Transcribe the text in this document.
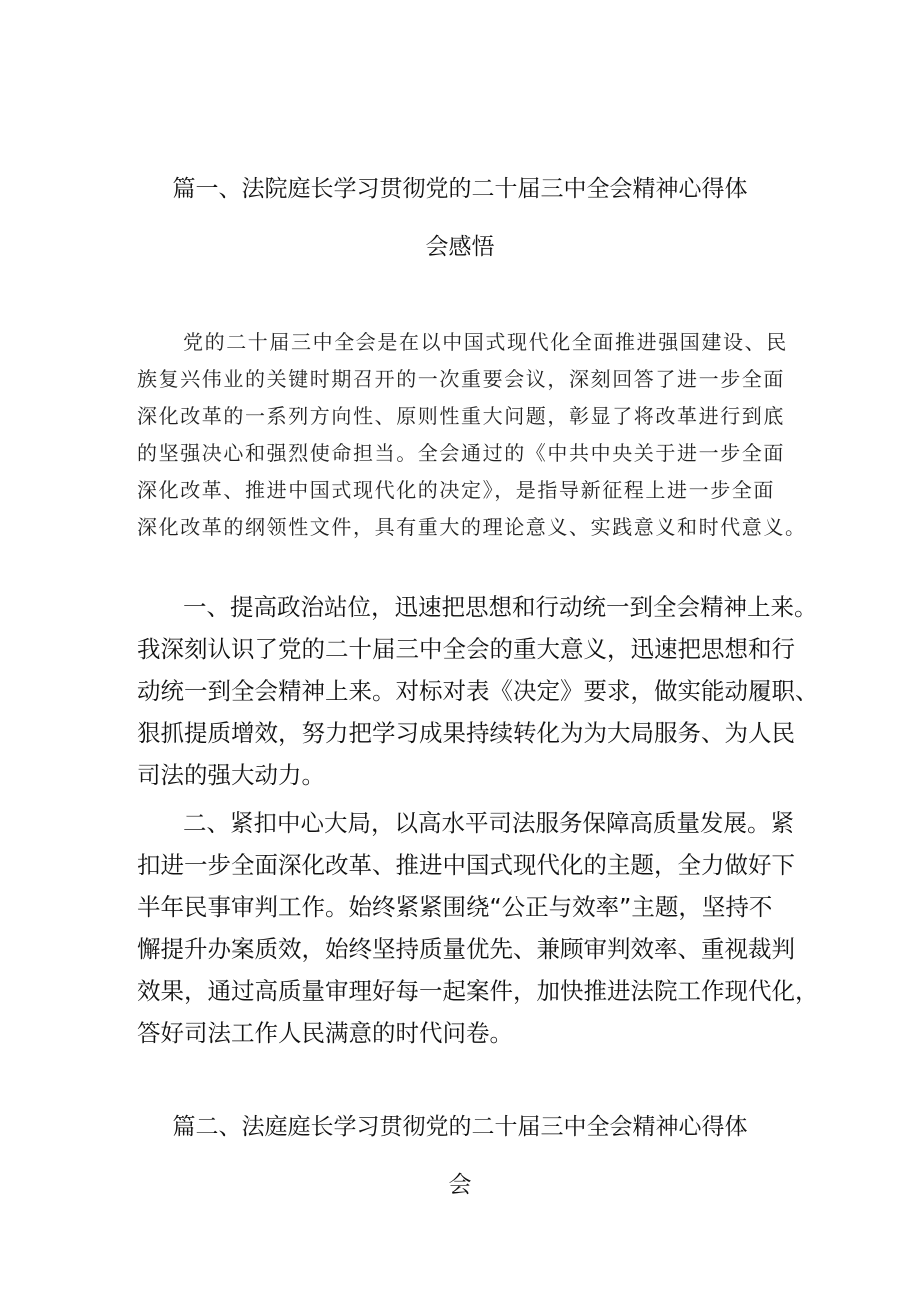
篇一、法院庭长学习贯彻党的二十届三中全会精神心得体
会感悟
党的二十届三中全会是在以中国式现代化全面推进强国建设、民
族复兴伟业的关键时期召开的一次重要会议，深刻回答了进一步全面
深化改革的一系列方向性、原则性重大问题，彰显了将改革进行到底
的坚强决心和强烈使命担当。全会通过的《中共中央关于进一步全面
深化改革、推进中国式现代化的决定》，是指导新征程上进一步全面
深化改革的纲领性文件，具有重大的理论意义、实践意义和时代意义。
一、提高政治站位，迅速把思想和行动统一到全会精神上来。
我深刻认识了党的二十届三中全会的重大意义，迅速把思想和行
动统一到全会精神上来。对标对表《决定》要求，做实能动履职、
狠抓提质增效，努力把学习成果持续转化为为大局服务、为人民
司法的强大动力。
二、紧扣中心大局，以高水平司法服务保障高质量发展。紧
扣进一步全面深化改革、推进中国式现代化的主题，全力做好下
半年民事审判工作。始终紧紧围绕“公正与效率”主题，坚持不
懈提升办案质效，始终坚持质量优先、兼顾审判效率、重视裁判
效果，通过高质量审理好每一起案件，加快推进法院工作现代化，
答好司法工作人民满意的时代问卷。
篇二、法庭庭长学习贯彻党的二十届三中全会精神心得体
会
